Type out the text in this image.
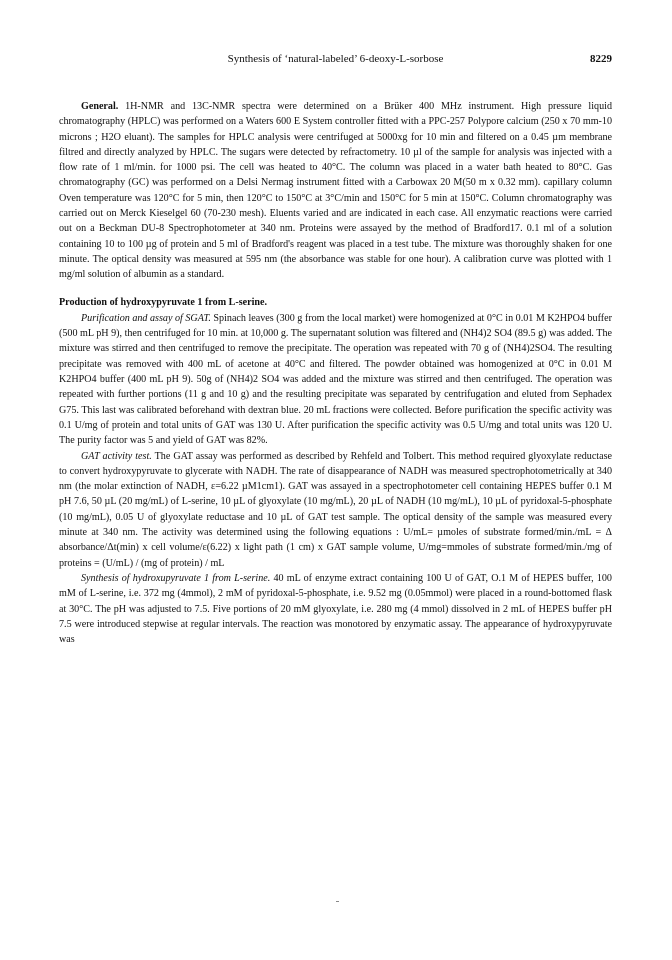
Synthesis of ‘natural-labeled’ 6-deoxy-L-sorbose	8229

General. 1H-NMR and 13C-NMR spectra were determined on a Brüker 400 MHz instrument. High pressure liquid chromatography (HPLC) was performed on a Waters 600 E System controller fitted with a PPC-257 Polypore calcium (250 x 70 mm-10 microns ; H2O eluant). The samples for HPLC analysis were centrifuged at 5000xg for 10 min and filtered on a 0.45 µm membrane filtred and directly analyzed by HPLC. The sugars were detected by refractometry. 10 µl of the sample for analysis was injected with a flow rate of 1 ml/min. for 1000 psi. The cell was heated to 40°C. The column was placed in a water bath heated to 80°C. Gas chromatography (GC) was performed on a Delsi Nermag instrument fitted with a Carbowax 20 M(50 m x 0.32 mm). capillary column Oven temperature was 120°C for 5 min, then 120°C to 150°C at 3°C/min and 150°C for 5 min at 150°C. Column chromatography was carried out on Merck Kieselgel 60 (70-230 mesh). Eluents varied and are indicated in each case. All enzymatic reactions were carried out on a Beckman DU-8 Spectrophotometer at 340 nm. Proteins were assayed by the method of Bradford17. 0.1 ml of a solution containing 10 to 100 µg of protein and 5 ml of Bradford's reagent was placed in a test tube. The mixture was thoroughly shaken for one minute. The optical density was measured at 595 nm (the absorbance was stable for one hour). A calibration curve was plotted with 1 mg/ml solution of albumin as a standard.

Production of hydroxypyruvate 1 from L-serine.

Purification and assay of SGAT. Spinach leaves (300 g from the local market) were homogenized at 0°C in 0.01 M K2HPO4 buffer (500 mL pH 9), then centrifuged for 10 min. at 10,000 g. The supernatant solution was filtered and (NH4)2 SO4 (89.5 g) was added. The mixture was stirred and then centrifuged to remove the precipitate. The operation was repeated with 70 g of (NH4)2SO4. The resulting precipitate was removed with 400 mL of acetone at 40°C and filtered. The powder obtained was homogenized at 0°C in 0.01 M K2HPO4 buffer (400 mL pH 9). 50g of (NH4)2 SO4 was added and the mixture was stirred and then centrifuged. The operation was repeated with further portions (11 g and 10 g) and the resulting precipitate was separated by centrifugation and eluted from Sephadex G75. This last was calibrated beforehand with dextran blue. 20 mL fractions were collected. Before purification the specific activity was 0.1 U/mg of protein and total units of GAT was 130 U. After purification the specific activity was 0.5 U/mg and total units was 120 U. The purity factor was 5 and yield of GAT was 82%.

GAT activity test. The GAT assay was performed as described by Rehfeld and Tolbert. This method required glyoxylate reductase to convert hydroxypyruvate to glycerate with NADH. The rate of disappearance of NADH was measured spectrophotometrically at 340 nm (the molar extinction of NADH, ε=6.22 µM1cm1). GAT was assayed in a spectrophotometer cell containing HEPES buffer 0.1 M pH 7.6, 50 µL (20 mg/mL) of L-serine, 10 µL of glyoxylate (10 mg/mL), 20 µL of NADH (10 mg/mL), 10 µL of pyridoxal-5-phosphate (10 mg/mL), 0.05 U of glyoxylate reductase and 10 µL of GAT test sample. The optical density of the sample was measured every minute at 340 nm. The activity was determined using the following equations : U/mL= µmoles of substrate formed/min./mL = Δ absorbance/Δt(min) x cell volume/ε(6.22) x light path (1 cm) x GAT sample volume, U/mg=mmoles of substrate formed/min./mg of proteins = (U/mL) / (mg of protein) / mL

Synthesis of hydroxupyruvate 1 from L-serine. 40 mL of enzyme extract containing 100 U of GAT, O.1 M of HEPES buffer, 100 mM of L-serine, i.e. 372 mg (4mmol), 2 mM of pyridoxal-5-phosphate, i.e. 9.52 mg (0.05mmol) were placed in a round-bottomed flask at 30°C. The pH was adjusted to 7.5. Five portions of 20 mM glyoxylate, i.e. 280 mg (4 mmol) dissolved in 2 mL of HEPES buffer pH 7.5 were introduced stepwise at regular intervals. The reaction was monotored by enzymatic assay. The appearance of hydroxypyruvate was
